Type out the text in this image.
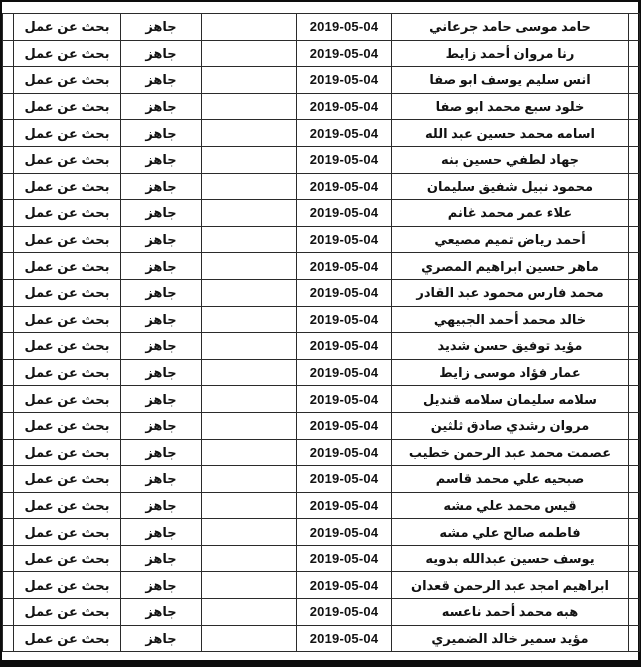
	حامد موسى حامد جرعاني	2019-05-04		جاهز	بحث عن عمل	
	رنا مروان أحمد زايط	2019-05-04		جاهز	بحث عن عمل	
	انس سليم يوسف ابو صفا	2019-05-04		جاهز	بحث عن عمل	
	خلود سبع محمد ابو صفا	2019-05-04		جاهز	بحث عن عمل	
	اسامه محمد حسين عبد الله	2019-05-04		جاهز	بحث عن عمل	
	جهاد لطفي حسين بنه	2019-05-04		جاهز	بحث عن عمل	
	محمود نبيل شفيق سليمان	2019-05-04		جاهز	بحث عن عمل	
	علاء عمر محمد غانم	2019-05-04		جاهز	بحث عن عمل	
	أحمد رياض تميم مصيعي	2019-05-04		جاهز	بحث عن عمل	
	ماهر حسين ابراهيم المصري	2019-05-04		جاهز	بحث عن عمل	
	محمد فارس محمود عبد القادر	2019-05-04		جاهز	بحث عن عمل	
	خالد محمد أحمد الجبيهي	2019-05-04		جاهز	بحث عن عمل	
	مؤيد توفيق حسن شديد	2019-05-04		جاهز	بحث عن عمل	
	عمار فؤاد موسى زايط	2019-05-04		جاهز	بحث عن عمل	
	سلامه سليمان سلامه قنديل	2019-05-04		جاهز	بحث عن عمل	
	مروان رشدي صادق ثلثين	2019-05-04		جاهز	بحث عن عمل	
	عصمت محمد عبد الرحمن خطيب	2019-05-04		جاهز	بحث عن عمل	
	صبحيه علي محمد قاسم	2019-05-04		جاهز	بحث عن عمل	
	قيس محمد علي مشه	2019-05-04		جاهز	بحث عن عمل	
	فاطمه صالح علي مشه	2019-05-04		جاهز	بحث عن عمل	
	يوسف حسين عبدالله بدويه	2019-05-04		جاهز	بحث عن عمل	
	ابراهيم امجد عبد الرحمن قعدان	2019-05-04		جاهز	بحث عن عمل	
	هبه محمد أحمد ناعسه	2019-05-04		جاهز	بحث عن عمل	
	مؤيد سمير خالد الضميري	2019-05-04		جاهز	بحث عن عمل	
